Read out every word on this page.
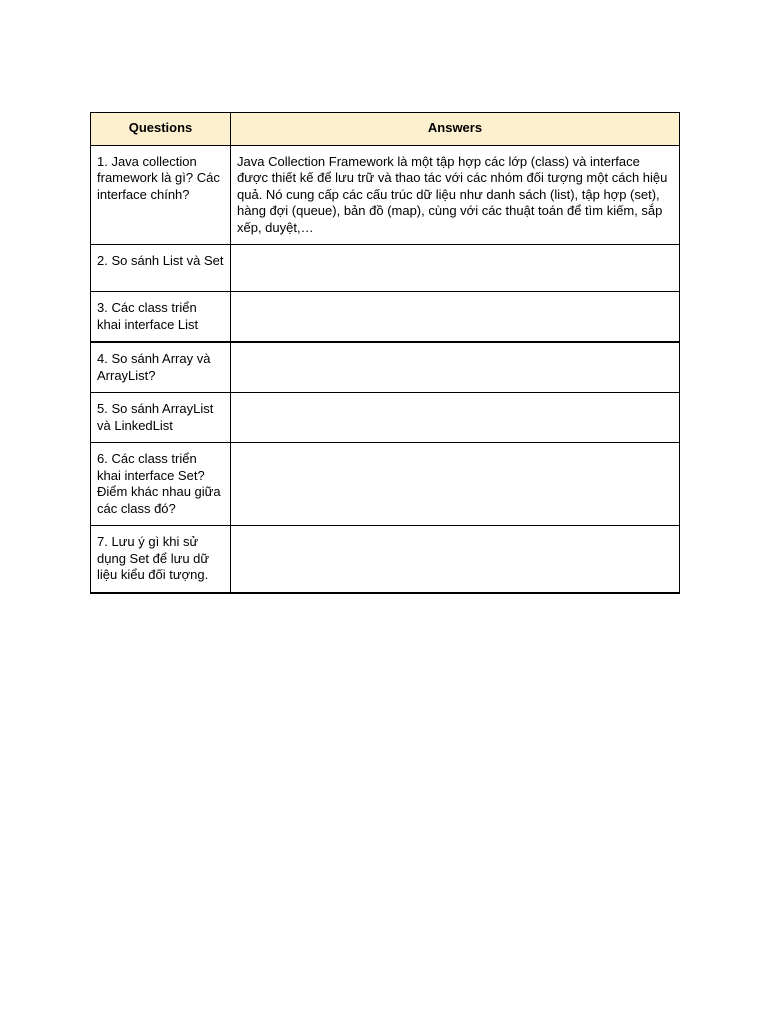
Questions	Answers
1. Java collection framework là gì? Các interface chính?	Java Collection Framework là một tập hợp các lớp (class) và interface được thiết kế để lưu trữ và thao tác với các nhóm đối tượng một cách hiệu quả. Nó cung cấp các cấu trúc dữ liệu như danh sách (list), tập hợp (set), hàng đợi (queue), bản đồ (map), cùng với các thuật toán để tìm kiếm, sắp xếp, duyệt,…
2. So sánh List và Set	
3. Các class triển khai interface List	
4. So sánh Array và ArrayList?	
5. So sánh ArrayList và LinkedList	
6. Các class triển khai interface Set? Điểm khác nhau giữa các class đó?	
7. Lưu ý gì khi sử dụng Set để lưu dữ liệu kiểu đối tượng.	
